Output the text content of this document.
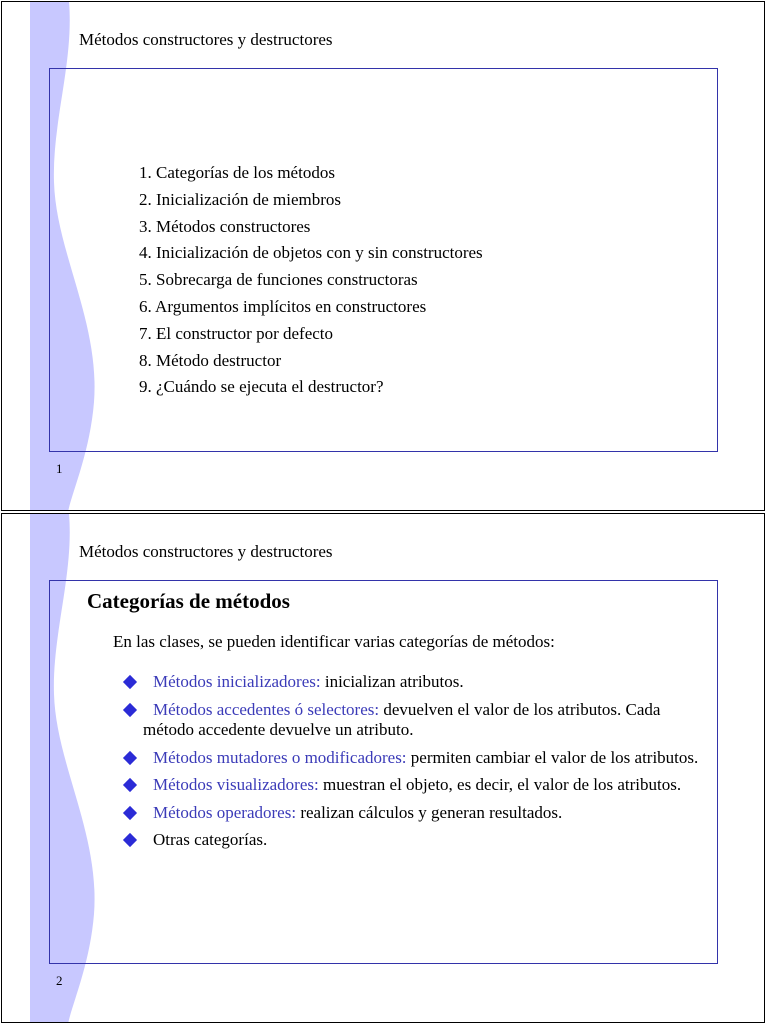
Métodos constructores y destructores
1. Categorías de los métodos
2. Inicialización de miembros
3. Métodos constructores
4. Inicialización de objetos con y sin constructores
5. Sobrecarga de funciones constructoras
6. Argumentos implícitos en constructores
7. El constructor por defecto
8. Método destructor
9. ¿Cuándo se ejecuta el destructor?
1
Métodos constructores y destructores
Categorías de métodos
En las clases, se pueden identificar varias categorías de métodos:
Métodos inicializadores: inicializan atributos.
Métodos accedentes ó selectores: devuelven el valor de los atributos. Cada método accedente devuelve un atributo.
Métodos mutadores o modificadores: permiten cambiar el valor de los atributos.
Métodos visualizadores: muestran el objeto, es decir, el valor de los atributos.
Métodos operadores: realizan cálculos y generan resultados.
Otras categorías.
2
